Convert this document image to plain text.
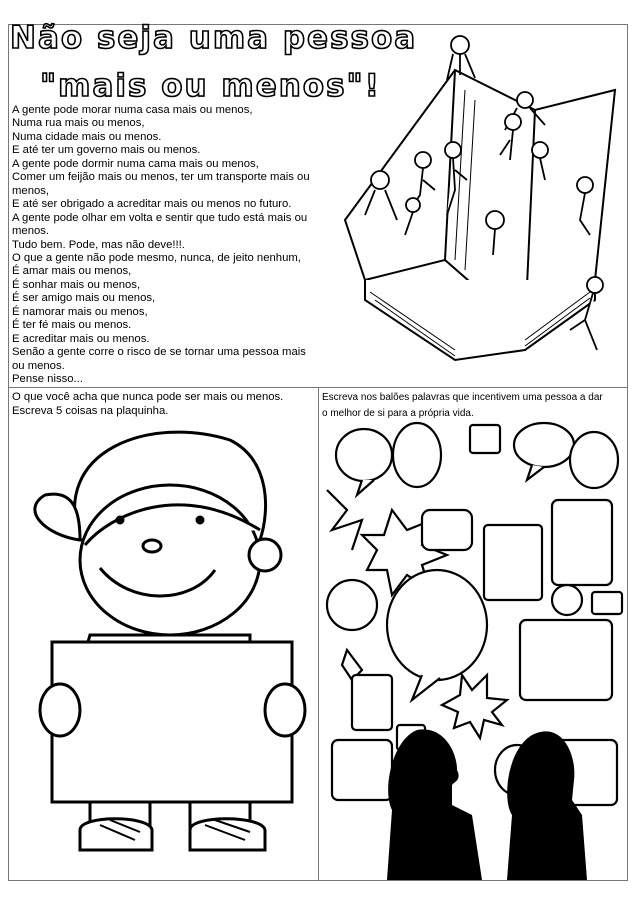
Não seja uma pessoa
"mais ou menos"!
A gente pode morar numa casa mais ou menos,
Numa rua mais ou menos,
Numa cidade mais ou menos.
E até ter um governo mais ou menos.
A gente pode dormir numa cama mais ou menos,
Comer um feijão mais ou menos, ter um transporte mais ou
menos,
E até ser obrigado a acreditar mais ou menos no futuro.
A gente pode olhar em volta e sentir que tudo está mais ou
menos.
Tudo bem. Pode, mas não deve!!!.
O que a gente não pode mesmo, nunca, de jeito nenhum,
É amar mais ou menos,
É sonhar mais ou menos,
É ser amigo mais ou menos,
É namorar mais ou menos,
É ter fé mais ou menos.
E acreditar mais ou menos.
Senão a gente corre o risco de se tornar uma pessoa mais
ou menos.
Pense nisso...
O que você acha que nunca pode ser mais ou menos.
Escreva 5 coisas na plaquinha.
Escreva nos balões palavras que incentivem uma pessoa a dar
o melhor de si para a própria vida.
